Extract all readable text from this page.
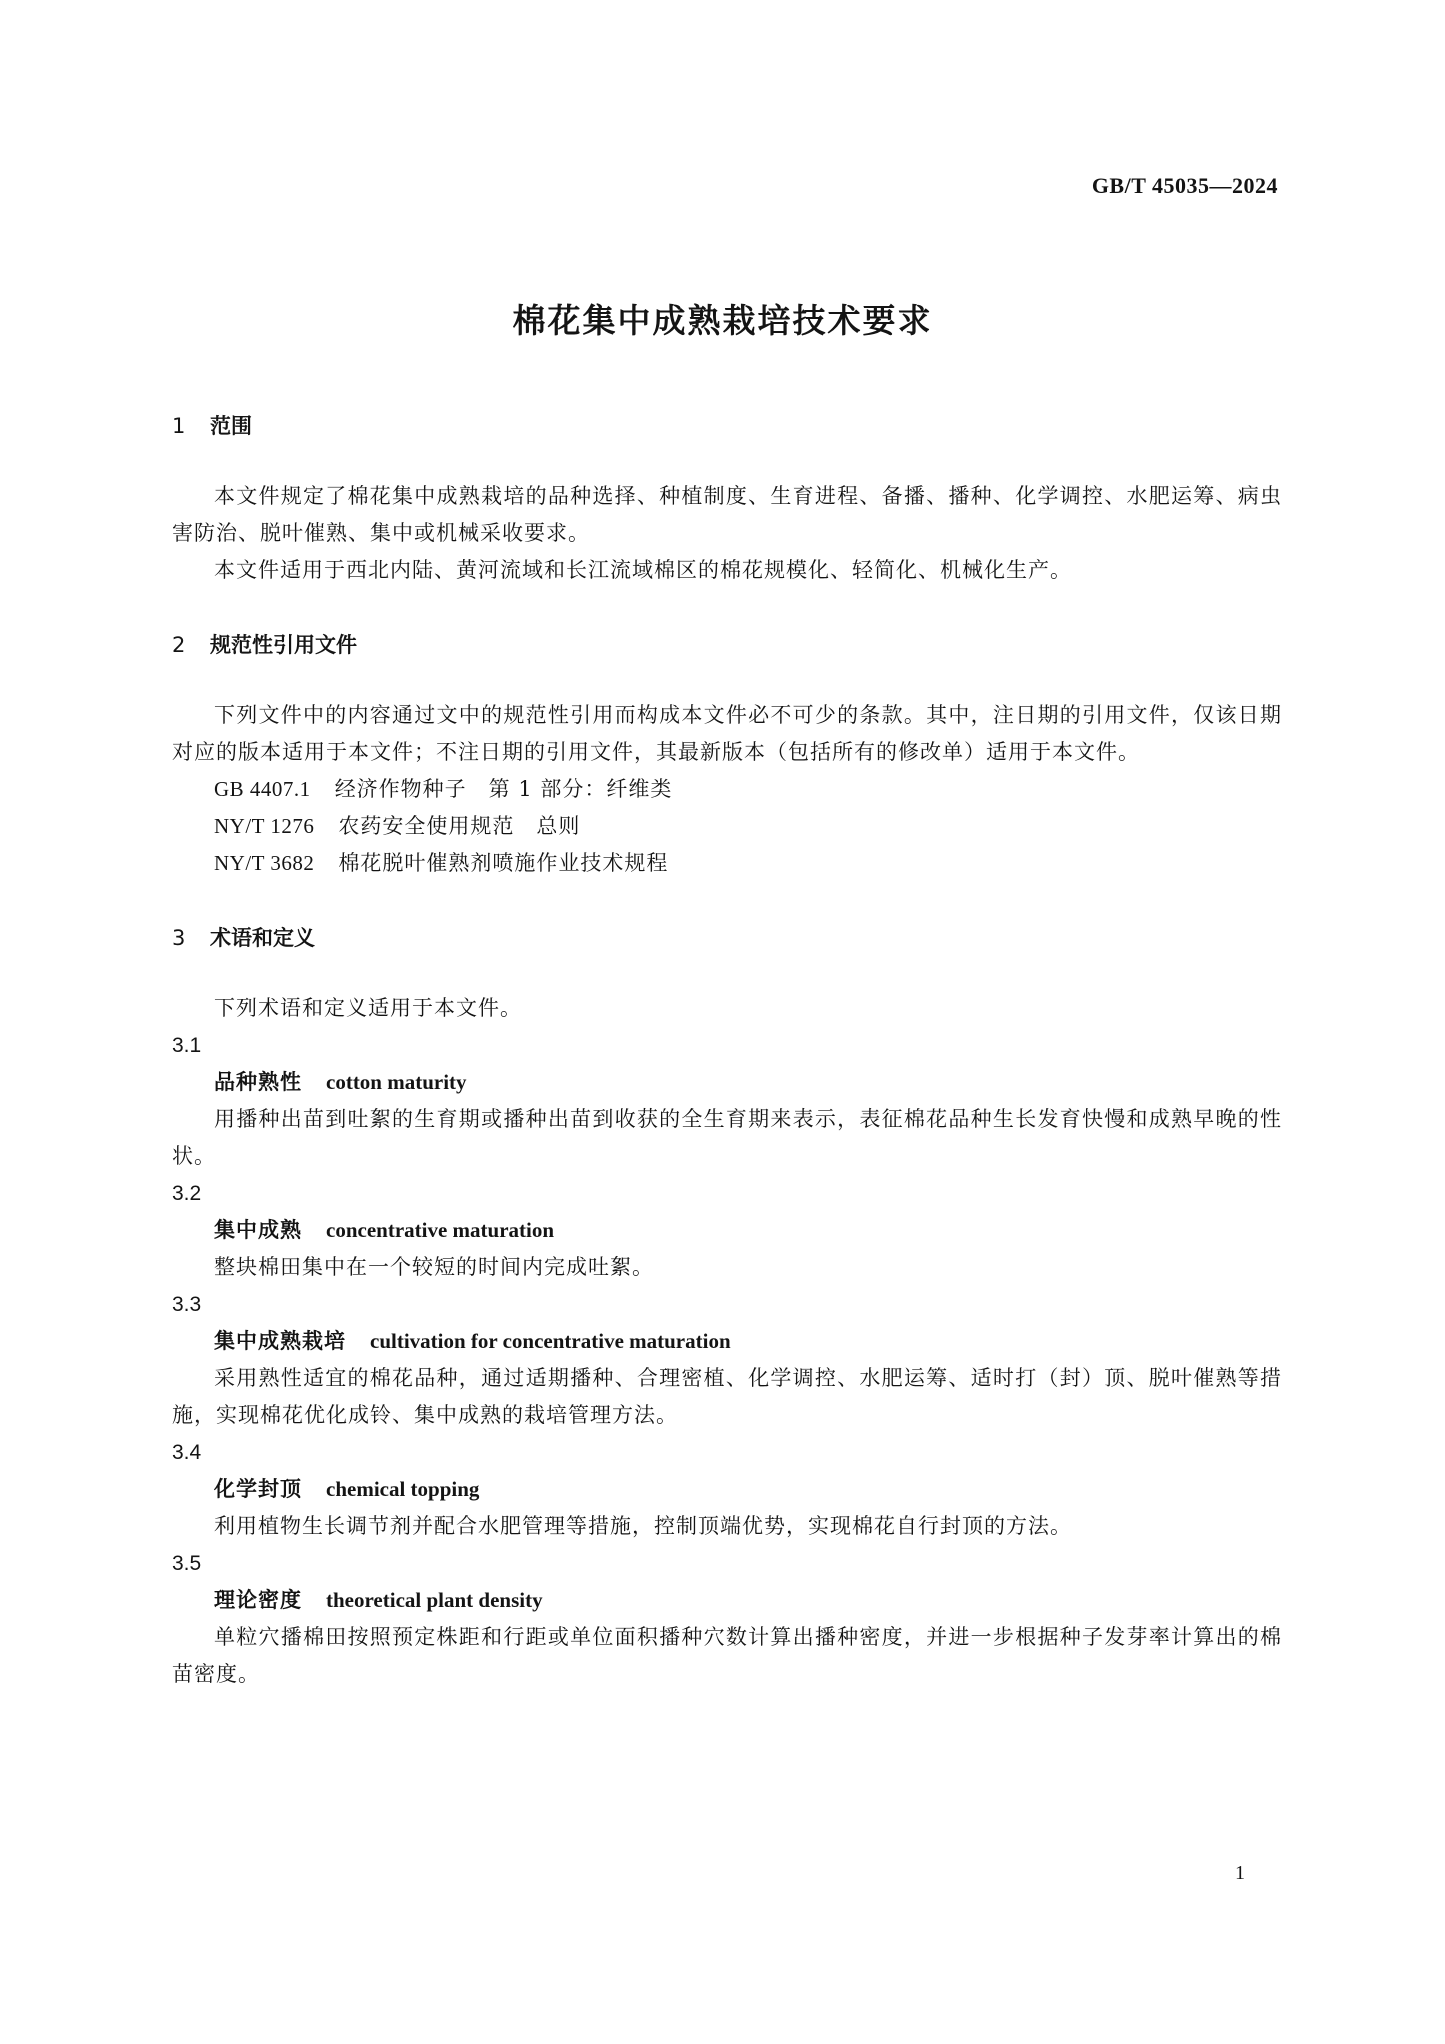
GB/T 45035—2024
棉花集中成熟栽培技术要求
1 范围

本文件规定了棉花集中成熟栽培的品种选择、种植制度、生育进程、备播、播种、化学调控、水肥运筹、病虫害防治、脱叶催熟、集中或机械采收要求。

本文件适用于西北内陆、黄河流域和长江流域棉区的棉花规模化、轻简化、机械化生产。

2 规范性引用文件

下列文件中的内容通过文中的规范性引用而构成本文件必不可少的条款。其中，注日期的引用文件，仅该日期对应的版本适用于本文件；不注日期的引用文件，其最新版本（包括所有的修改单）适用于本文件。

GB 4407.1 经济作物种子　第 1 部分：纤维类

NY/T 1276 农药安全使用规范　总则

NY/T 3682 棉花脱叶催熟剂喷施作业技术规程

3 术语和定义

下列术语和定义适用于本文件。

3.1

品种熟性 cotton maturity

用播种出苗到吐絮的生育期或播种出苗到收获的全生育期来表示，表征棉花品种生长发育快慢和成熟早晚的性状。

3.2

集中成熟 concentrative maturation

整块棉田集中在一个较短的时间内完成吐絮。

3.3

集中成熟栽培 cultivation for concentrative maturation

采用熟性适宜的棉花品种，通过适期播种、合理密植、化学调控、水肥运筹、适时打（封）顶、脱叶催熟等措施，实现棉花优化成铃、集中成熟的栽培管理方法。

3.4

化学封顶 chemical topping

利用植物生长调节剂并配合水肥管理等措施，控制顶端优势，实现棉花自行封顶的方法。

3.5

理论密度 theoretical plant density

单粒穴播棉田按照预定株距和行距或单位面积播种穴数计算出播种密度，并进一步根据种子发芽率计算出的棉苗密度。

1
